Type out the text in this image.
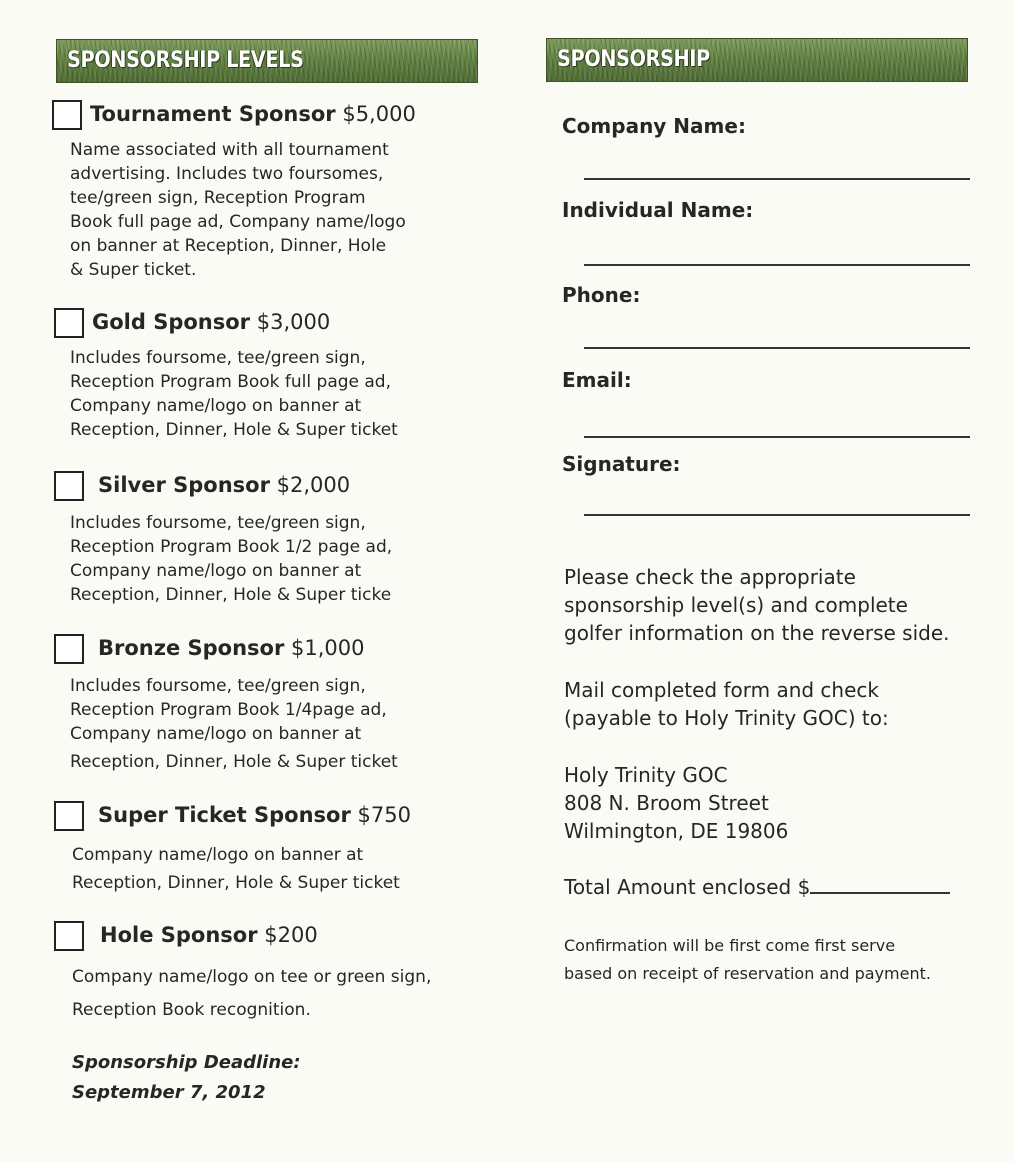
SPONSORSHIP LEVELS
Tournament Sponsor $5,000
Name associated with all tournament
advertising. Includes two foursomes,
tee/green sign, Reception Program
Book full page ad, Company name/logo
on banner at Reception, Dinner, Hole
& Super ticket.
Gold Sponsor $3,000
Includes foursome, tee/green sign,
Reception Program Book full page ad,
Company name/logo on banner at
Reception, Dinner, Hole & Super ticket
Silver Sponsor $2,000
Includes foursome, tee/green sign,
Reception Program Book 1/2 page ad,
Company name/logo on banner at
Reception, Dinner, Hole & Super ticke
Bronze Sponsor $1,000
Includes foursome, tee/green sign,
Reception Program Book 1/4page ad,
Company name/logo on banner at
Reception, Dinner, Hole & Super ticket
Super Ticket Sponsor $750
Company name/logo on banner at
Reception, Dinner, Hole & Super ticket
Hole Sponsor $200
Company name/logo on tee or green sign,
Reception Book recognition.
Sponsorship Deadline:
September 7, 2012
SPONSORSHIP
Company Name:
Individual Name:
Phone:
Email:
Signature:
Please check the appropriate
sponsorship level(s) and complete
golfer information on the reverse side.
Mail completed form and check
(payable to Holy Trinity GOC) to:
Holy Trinity GOC
808 N. Broom Street
Wilmington, DE 19806
Total Amount enclosed $
Confirmation will be first come first serve
based on receipt of reservation and payment.
